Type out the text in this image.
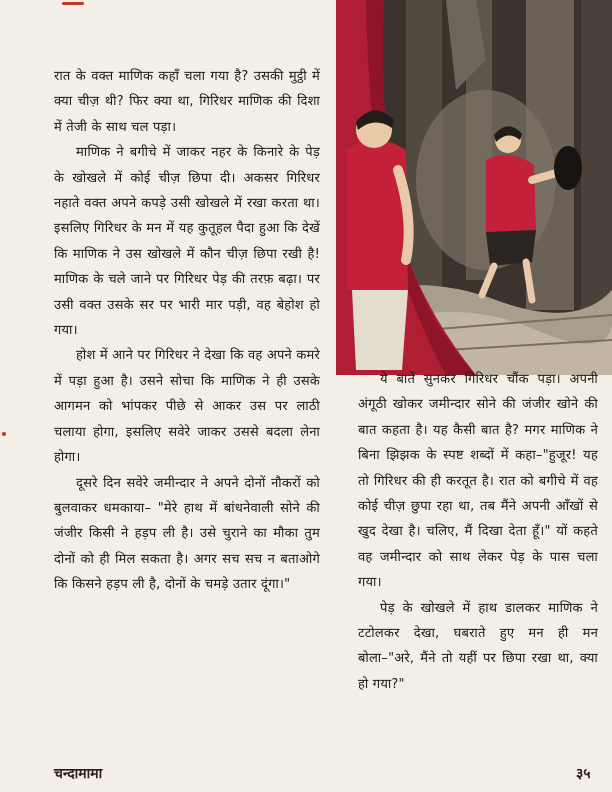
रात के वक्त माणिक कहाँ चला गया है? उसकी मुट्ठी में क्या चीज़ थी? फिर क्या था, गिरिधर माणिक की दिशा में तेजी के साथ चल पड़ा।

माणिक ने बगीचे में जाकर नहर के किनारे के पेड़ के खोखले में कोई चीज़ छिपा दी। अकसर गिरिधर नहाते वक्त अपने कपड़े उसी खोखले में रखा करता था। इसलिए गिरिधर के मन में यह कुतूहल पैदा हुआ कि देखें कि माणिक ने उस खोखले में कौन चीज़ छिपा रखी है! माणिक के चले जाने पर गिरिधर पेड़ की तरफ़ बढ़ा। पर उसी वक्त उसके सर पर भारी मार पड़ी, वह बेहोश हो गया।

होश में आने पर गिरिधर ने देखा कि वह अपने कमरे में पड़ा हुआ है। उसने सोचा कि माणिक ने ही उसके आगमन को भांपकर पीछे से आकर उस पर लाठी चलाया होगा, इसलिए सवेरे जाकर उससे बदला लेना होगा।

दूसरे दिन सवेरे जमीन्दार ने अपने दोनों नौकरों को बुलवाकर धमकाया– "मेरे हाथ में बांधनेवाली सोने की जंजीर किसी ने हड़प ली है। उसे चुराने का मौका तुम दोनों को ही मिल सकता है। अगर सच सच न बताओगे कि किसने हड़प ली है, दोनों के चमड़े उतार दूंगा।"

ये बातें सुनकर गिरिधर चौंक पड़ा। अपनी अंगूठी खोकर जमीन्दार सोने की जंजीर खोने की बात कहता है। यह कैसी बात है? मगर माणिक ने बिना झिझक के स्पष्ट शब्दों में कहा–"हुजूर! यह तो गिरिधर की ही करतूत है। रात को बगीचे में वह कोई चीज़ छुपा रहा था, तब मैंने अपनी आँखों से खुद देखा है। चलिए, मैं दिखा देता हूँ।" यों कहते वह जमीन्दार को साथ लेकर पेड़ के पास चला गया।

पेड़ के खोखले में हाथ डालकर माणिक ने टटोलकर देखा, घबराते हुए मन ही मन बोला–"अरे, मैंने तो यहीं पर छिपा रखा था, क्या हो गया?"

चन्दामामा	३५
